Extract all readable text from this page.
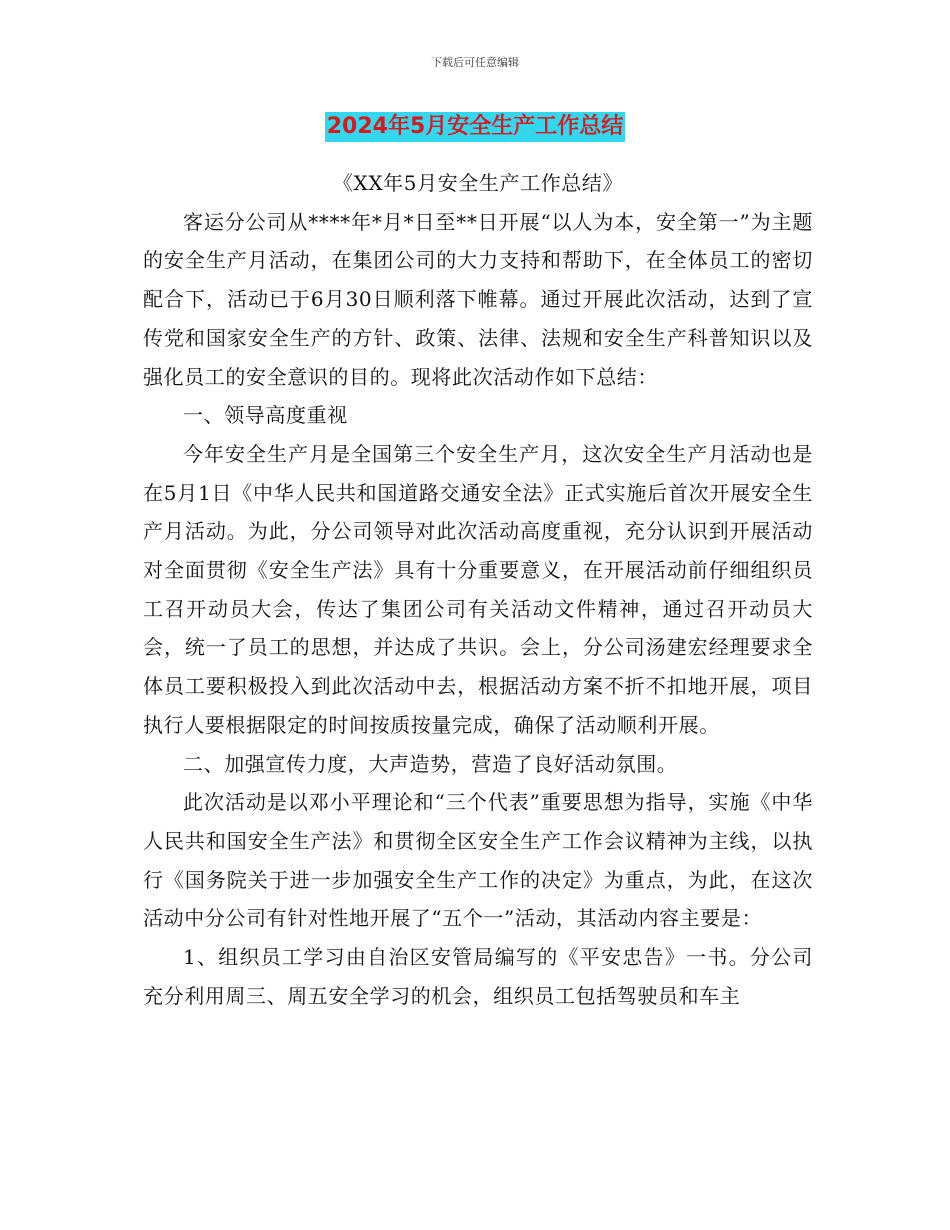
下载后可任意编辑
2024年5月安全生产工作总结
《XX年5月安全生产工作总结》

客运分公司从****年*月*日至**日开展“以人为本，安全第一”为主题的安全生产月活动，在集团公司的大力支持和帮助下，在全体员工的密切配合下，活动已于6月30日顺利落下帷幕。通过开展此次活动，达到了宣传党和国家安全生产的方针、政策、法律、法规和安全生产科普知识以及强化员工的安全意识的目的。现将此次活动作如下总结：

一、领导高度重视

今年安全生产月是全国第三个安全生产月，这次安全生产月活动也是在5月1日《中华人民共和国道路交通安全法》正式实施后首次开展安全生产月活动。为此，分公司领导对此次活动高度重视，充分认识到开展活动对全面贯彻《安全生产法》具有十分重要意义，在开展活动前仔细组织员工召开动员大会，传达了集团公司有关活动文件精神，通过召开动员大会，统一了员工的思想，并达成了共识。会上，分公司汤建宏经理要求全体员工要积极投入到此次活动中去，根据活动方案不折不扣地开展，项目执行人要根据限定的时间按质按量完成，确保了活动顺利开展。

二、加强宣传力度，大声造势，营造了良好活动氛围。

此次活动是以邓小平理论和“三个代表”重要思想为指导，实施《中华人民共和国安全生产法》和贯彻全区安全生产工作会议精神为主线，以执行《国务院关于进一步加强安全生产工作的决定》为重点，为此，在这次活动中分公司有针对性地开展了“五个一”活动，其活动内容主要是：

1、组织员工学习由自治区安管局编写的《平安忠告》一书。分公司充分利用周三、周五安全学习的机会，组织员工包括驾驶员和车主
